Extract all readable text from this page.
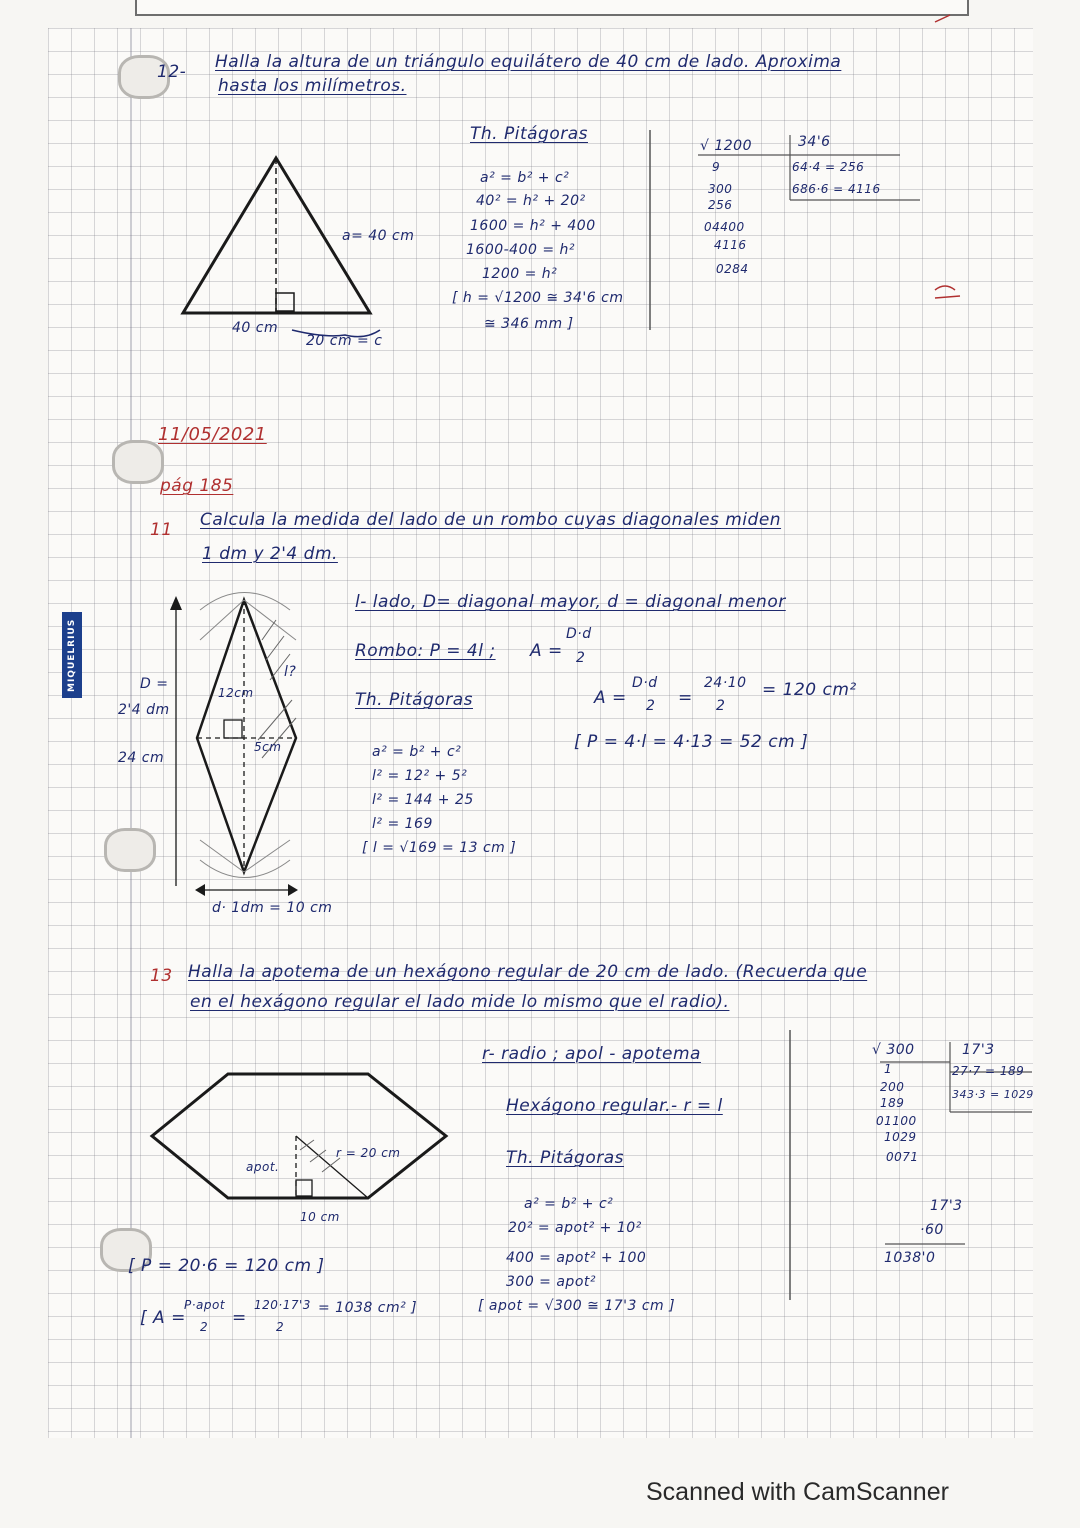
MIQUELRIUS
12- Halla la altura de un triángulo equilátero de 40 cm de lado. Aproxima
hasta los milímetros.
a= 40 cm
40 cm
20 cm = c
Th. Pitágoras
a² = b² + c²
40² = h² + 20²
1600 = h² + 400
1600-400 = h²
1200 = h²
[ h = √1200 ≅ 34'6 cm
≅ 346 mm ]
√ 1200
9
300
256
04400
4116
0284
34'6
64·4 = 256
686·6 = 4116
11/05/2021
pág 185
11 Calcula la medida del lado de un rombo cuyas diagonales miden
1 dm y 2'4 dm.
l- lado, D= diagonal mayor, d = diagonal menor
Rombo: P = 4l ; A =
D·d
2
Th. Pitágoras
a² = b² + c²
l² = 12² + 5²
l² = 144 + 25
l² = 169
[ l = √169 = 13 cm ]
A =
D·d
2 =
24·10
2
= 120 cm²
[ P = 4·l = 4·13 = 52 cm ]
D =
2'4 dm
24 cm
12cm
5cm
l?
d· 1dm = 10 cm
13 Halla la apotema de un hexágono regular de 20 cm de lado. (Recuerda que
en el hexágono regular el lado mide lo mismo que el radio).
r- radio ; apol - apotema
Hexágono regular.- r = l
Th. Pitágoras
a² = b² + c²
20² = apot² + 10²
400 = apot² + 100
300 = apot²
[ apot = √300 ≅ 17'3 cm ]
r = 20 cm
apot.
10 cm
[ P = 20·6 = 120 cm ]
[ A =
P·apot
2 =
120·17'3
2
= 1038 cm² ]
√ 300
1
200
189
01100
1029
0071
17'3
27·7 = 189
343·3 = 1029
17'3
·60
1038'0
Scanned with CamScanner
